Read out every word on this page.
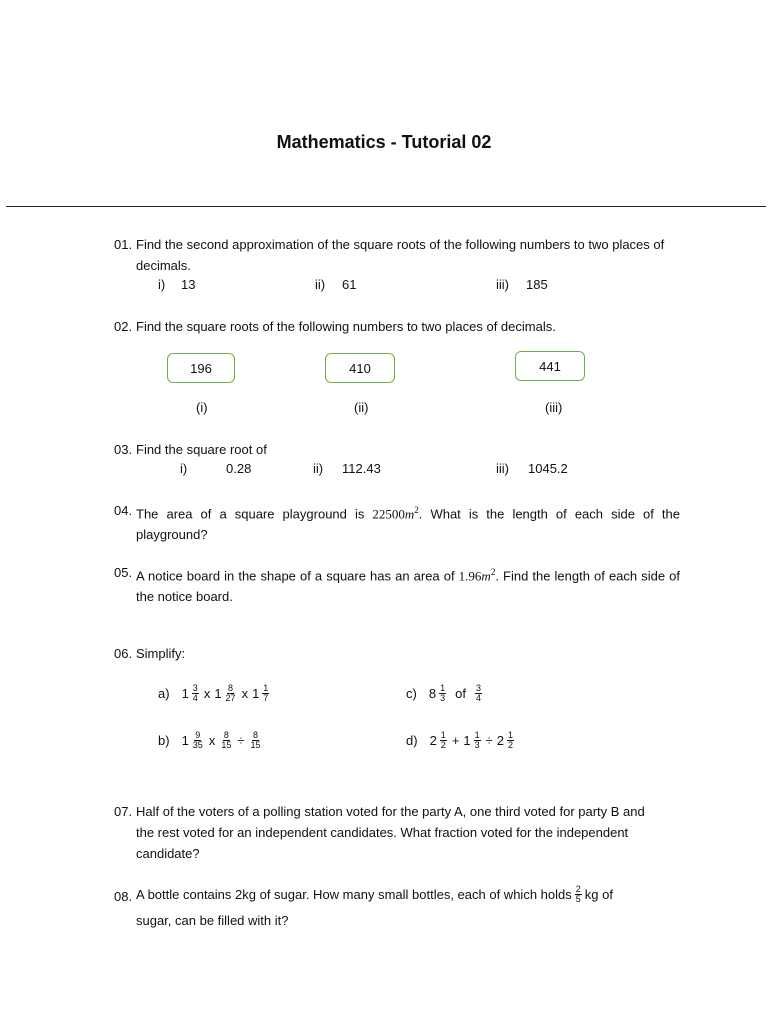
Mathematics - Tutorial 02
01. Find the second approximation of the square roots of the following numbers to two places of decimals.
i) 13	ii) 61	iii) 185
02. Find the square roots of the following numbers to two places of decimals.
196	410	441
(i)	(ii)	(iii)
03. Find the square root of
i)	0.28	ii) 112.43	iii) 1045.2
04. The area of a square playground is $22500m^2$. What is the length of each side of the playground?
05. A notice board in the shape of a square has an area of $1.96m^2$. Find the length of each side of the notice board.
06. Simplify:
a) $1 \frac{3}{4}$ x $1 \frac{8}{27}$ x $1 \frac{1}{7}$
b) $1 \frac{9}{35}$ x $\frac{8}{15} \div \frac{8}{15}$
c) $8 \frac{1}{3}$ of $\frac{3}{4}$
d) $2 \frac{1}{2} + 1 \frac{1}{3} \div 2 \frac{1}{2}$
07. Half of the voters of a polling station voted for the party A, one third voted for party B and the rest voted for an independent candidates. What fraction voted for the independent candidate?
08. A bottle contains 2kg of sugar. How many small bottles, each of which holds $\frac{2}{5}$ kg of
sugar, can be filled with it?
